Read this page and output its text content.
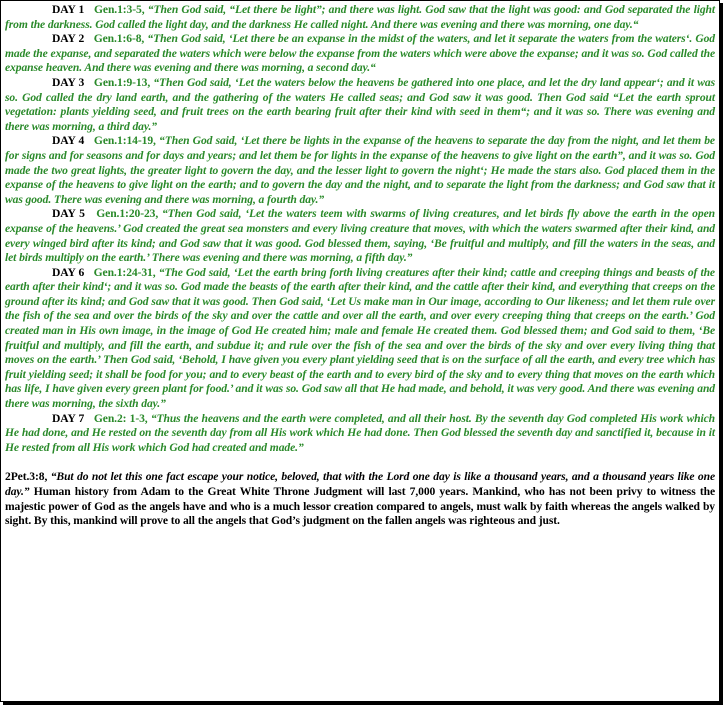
DAY 1 Gen.1:3-5, “Then God said, “Let there be light”; and there was light. God saw that the light was good: and God separated the light from the darkness. God called the light day, and the darkness He called night. And there was evening and there was morning, one day.“

DAY 2 Gen.1:6-8, “Then God said, ‘Let there be an expanse in the midst of the waters, and let it separate the waters from the waters‘. God made the expanse, and separated the waters which were below the expanse from the waters which were above the expanse; and it was so. God called the expanse heaven. And there was evening and there was morning, a second day.“

DAY 3 Gen.1:9-13, “Then God said, ‘Let the waters below the heavens be gathered into one place, and let the dry land appear‘; and it was so. God called the dry land earth, and the gathering of the waters He called seas; and God saw it was good. Then God said “Let the earth sprout vegetation: plants yielding seed, and fruit trees on the earth bearing fruit after their kind with seed in them“; and it was so. There was evening and there was morning, a third day.”

DAY 4 Gen.1:14-19, “Then God said, ‘Let there be lights in the expanse of the heavens to separate the day from the night, and let them be for signs and for seasons and for days and years; and let them be for lights in the expanse of the heavens to give light on the earth”, and it was so. God made the two great lights, the greater light to govern the day, and the lesser light to govern the night‘; He made the stars also. God placed them in the expanse of the heavens to give light on the earth; and to govern the day and the night, and to separate the light from the darkness; and God saw that it was good. There was evening and there was morning, a fourth day.”

DAY 5 Gen.1:20-23, “Then God said, ‘Let the waters teem with swarms of living creatures, and let birds fly above the earth in the open expanse of the heavens.’ God created the great sea monsters and every living creature that moves, with which the waters swarmed after their kind, and every winged bird after its kind; and God saw that it was good. God blessed them, saying, ‘Be fruitful and multiply, and fill the waters in the seas, and let birds multiply on the earth.’ There was evening and there was morning, a fifth day.”

DAY 6 Gen.1:24-31, “The God said, ‘Let the earth bring forth living creatures after their kind; cattle and creeping things and beasts of the earth after their kind‘; and it was so. God made the beasts of the earth after their kind, and the cattle after their kind, and everything that creeps on the ground after its kind; and God saw that it was good. Then God said, ‘Let Us make man in Our image, according to Our likeness; and let them rule over the fish of the sea and over the birds of the sky and over the cattle and over all the earth, and over every creeping thing that creeps on the earth.’ God created man in His own image, in the image of God He created him; male and female He created them. God blessed them; and God said to them, ‘Be fruitful and multiply, and fill the earth, and subdue it; and rule over the fish of the sea and over the birds of the sky and over every living thing that moves on the earth.’ Then God said, ‘Behold, I have given you every plant yielding seed that is on the surface of all the earth, and every tree which has fruit yielding seed; it shall be food for you; and to every beast of the earth and to every bird of the sky and to every thing that moves on the earth which has life, I have given every green plant for food.’ and it was so. God saw all that He had made, and behold, it was very good. And there was evening and there was morning, the sixth day.”

DAY 7 Gen.2: 1-3, “Thus the heavens and the earth were completed, and all their host. By the seventh day God completed His work which He had done, and He rested on the seventh day from all His work which He had done. Then God blessed the seventh day and sanctified it, because in it He rested from all His work which God had created and made.”

2Pet.3:8, “But do not let this one fact escape your notice, beloved, that with the Lord one day is like a thousand years, and a thousand years like one day.” Human history from Adam to the Great White Throne Judgment will last 7,000 years. Mankind, who has not been privy to witness the majestic power of God as the angels have and who is a much lessor creation compared to angels, must walk by faith whereas the angels walked by sight. By this, mankind will prove to all the angels that God’s judgment on the fallen angels was righteous and just.
